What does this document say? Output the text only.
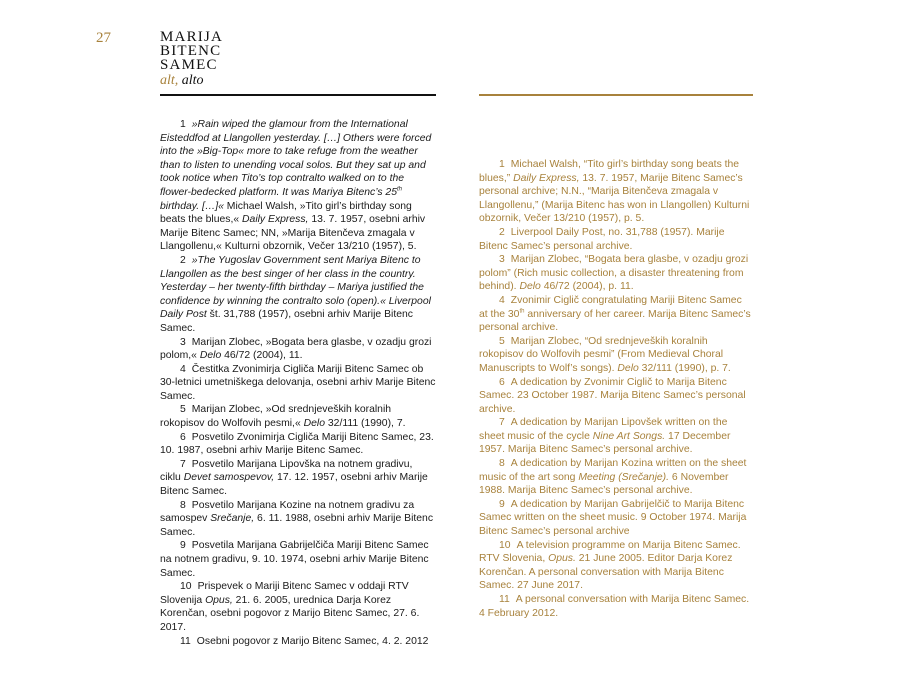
27	MARIJA
BITENC
SAMEC
alt, alto

1 »Rain wiped the glamour from the International Eisteddfod at Llangollen yesterday. […] Others were forced into the »Big-Top« more to take refuge from the weather than to listen to unending vocal solos. But they sat up and took notice when Tito’s top contralto walked on to the flower-bedecked platform. It was Mariya Bitenc’s 25th birthday. […]« Michael Walsh, »Tito girl’s birthday song beats the blues,« Daily Express, 13. 7. 1957, osebni arhiv Marije Bitenc Samec; NN, »Marija Bitenčeva zmagala v Llangollenu,« Kulturni obzornik, Večer 13/210 (1957), 5.

2 »The Yugoslav Government sent Mariya Bitenc to Llangollen as the best singer of her class in the country. Yesterday – her twenty-fifth birthday – Mariya justified the confidence by winning the contralto solo (open).« Liverpool Daily Post št. 31,788 (1957), osebni arhiv Marije Bitenc Samec.

3 Marijan Zlobec, »Bogata bera glasbe, v ozadju grozi polom,« Delo 46/72 (2004), 11.

4 Čestitka Zvonimirja Cigliča Mariji Bitenc Samec ob 30-letnici umetniškega delovanja, osebni arhiv Marije Bitenc Samec.

5 Marijan Zlobec, »Od srednjeveških koralnih rokopisov do Wolfovih pesmi,« Delo 32/111 (1990), 7.

6 Posvetilo Zvonimirja Cigliča Mariji Bitenc Samec, 23. 10. 1987, osebni arhiv Marije Bitenc Samec.

7 Posvetilo Marijana Lipovška na notnem gradivu, ciklu Devet samospevov, 17. 12. 1957, osebni arhiv Marije Bitenc Samec.

8 Posvetilo Marijana Kozine na notnem gradivu za samospev Srečanje, 6. 11. 1988, osebni arhiv Marije Bitenc Samec.

9 Posvetila Marijana Gabrijelčiča Mariji Bitenc Samec na notnem gradivu, 9. 10. 1974, osebni arhiv Marije Bitenc Samec.

10 Prispevek o Mariji Bitenc Samec v oddaji RTV Slovenija Opus, 21. 6. 2005, urednica Darja Korez Korenčan, osebni pogovor z Marijo Bitenc Samec, 27. 6. 2017.

11 Osebni pogovor z Marijo Bitenc Samec, 4. 2. 2012

1 Michael Walsh, “Tito girl’s birthday song beats the blues,” Daily Express, 13. 7. 1957, Marije Bitenc Samec’s personal archive; N.N., “Marija Bitenčeva zmagala v Llangollenu,” (Marija Bitenc has won in Llangollen) Kulturni obzornik, Večer 13/210 (1957), p. 5.

2 Liverpool Daily Post, no. 31,788 (1957). Marije Bitenc Samec’s personal archive.

3 Marijan Zlobec, “Bogata bera glasbe, v ozadju grozi polom” (Rich music collection, a disaster threatening from behind). Delo 46/72 (2004), p. 11.

4 Zvonimir Ciglič congratulating Mariji Bitenc Samec at the 30th anniversary of her career. Marija Bitenc Samec’s personal archive.

5 Marijan Zlobec, “Od srednjeveških koralnih rokopisov do Wolfovih pesmi” (From Medieval Choral Manuscripts to Wolf’s songs). Delo 32/111 (1990), p. 7.

6 A dedication by Zvonimir Ciglič to Marija Bitenc Samec. 23 October 1987. Marija Bitenc Samec’s personal archive.

7 A dedication by Marijan Lipovšek written on the sheet music of the cycle Nine Art Songs. 17 December 1957. Marija Bitenc Samec’s personal archive.

8 A dedication by Marijan Kozina written on the sheet music of the art song Meeting (Srečanje). 6 November 1988. Marija Bitenc Samec’s personal archive.

9 A dedication by Marijan Gabrijelčič to Marija Bitenc Samec written on the sheet music. 9 October 1974. Marija Bitenc Samec’s personal archive

10 A television programme on Marija Bitenc Samec. RTV Slovenia, Opus. 21 June 2005. Editor Darja Korez Korenčan. A personal conversation with Marija Bitenc Samec. 27 June 2017.

11 A personal conversation with Marija Bitenc Samec. 4 February 2012.
